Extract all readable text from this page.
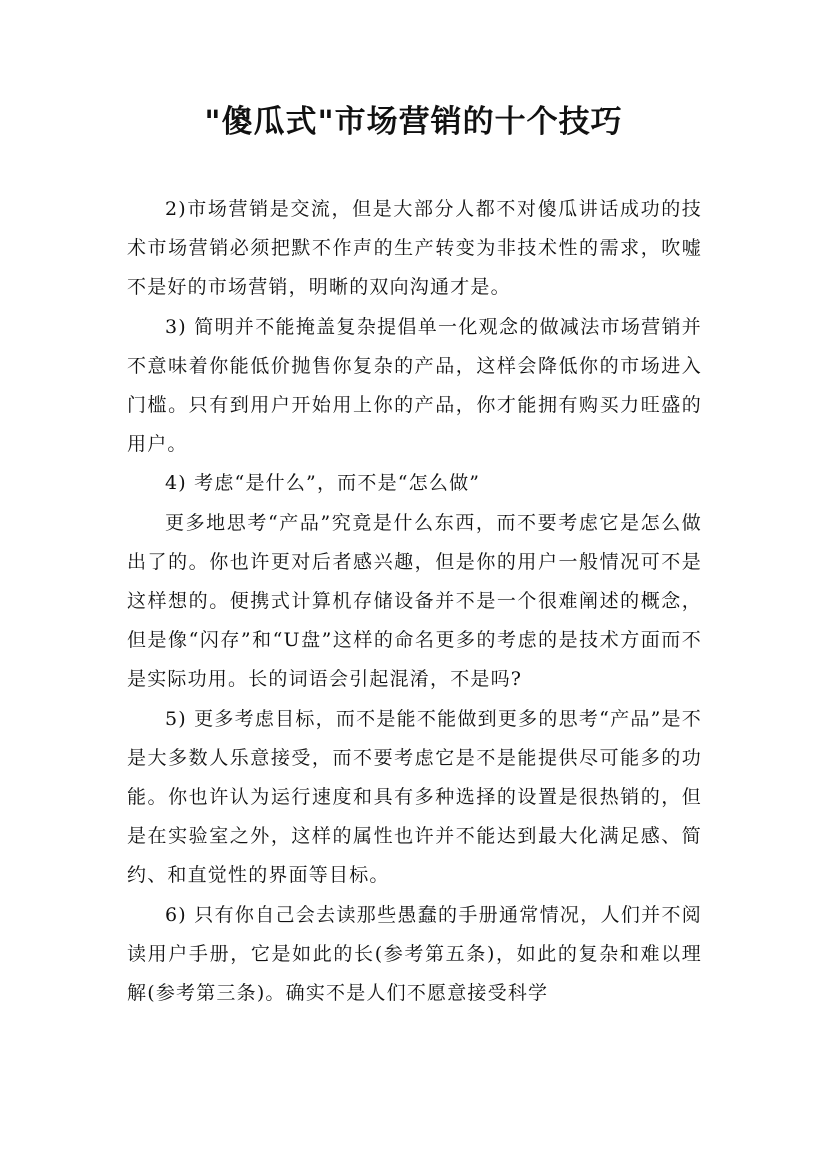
"傻瓜式"市场营销的十个技巧

2)市场营销是交流，但是大部分人都不对傻瓜讲话成功的技术市场营销必须把默不作声的生产转变为非技术性的需求，吹嘘不是好的市场营销，明晰的双向沟通才是。

3) 简明并不能掩盖复杂提倡单一化观念的做减法市场营销并不意味着你能低价抛售你复杂的产品，这样会降低你的市场进入门槛。只有到用户开始用上你的产品，你才能拥有购买力旺盛的用户。

4) 考虑“是什么”，而不是“怎么做”

更多地思考“产品”究竟是什么东西，而不要考虑它是怎么做出了的。你也许更对后者感兴趣，但是你的用户一般情况可不是这样想的。便携式计算机存储设备并不是一个很难阐述的概念，但是像“闪存”和“U盘”这样的命名更多的考虑的是技术方面而不是实际功用。长的词语会引起混淆，不是吗?

5) 更多考虑目标，而不是能不能做到更多的思考“产品”是不是大多数人乐意接受，而不要考虑它是不是能提供尽可能多的功能。你也许认为运行速度和具有多种选择的设置是很热销的，但是在实验室之外，这样的属性也许并不能达到最大化满足感、简约、和直觉性的界面等目标。

6) 只有你自己会去读那些愚蠢的手册通常情况，人们并不阅读用户手册，它是如此的长(参考第五条)，如此的复杂和难以理解(参考第三条)。确实不是人们不愿意接受科学
